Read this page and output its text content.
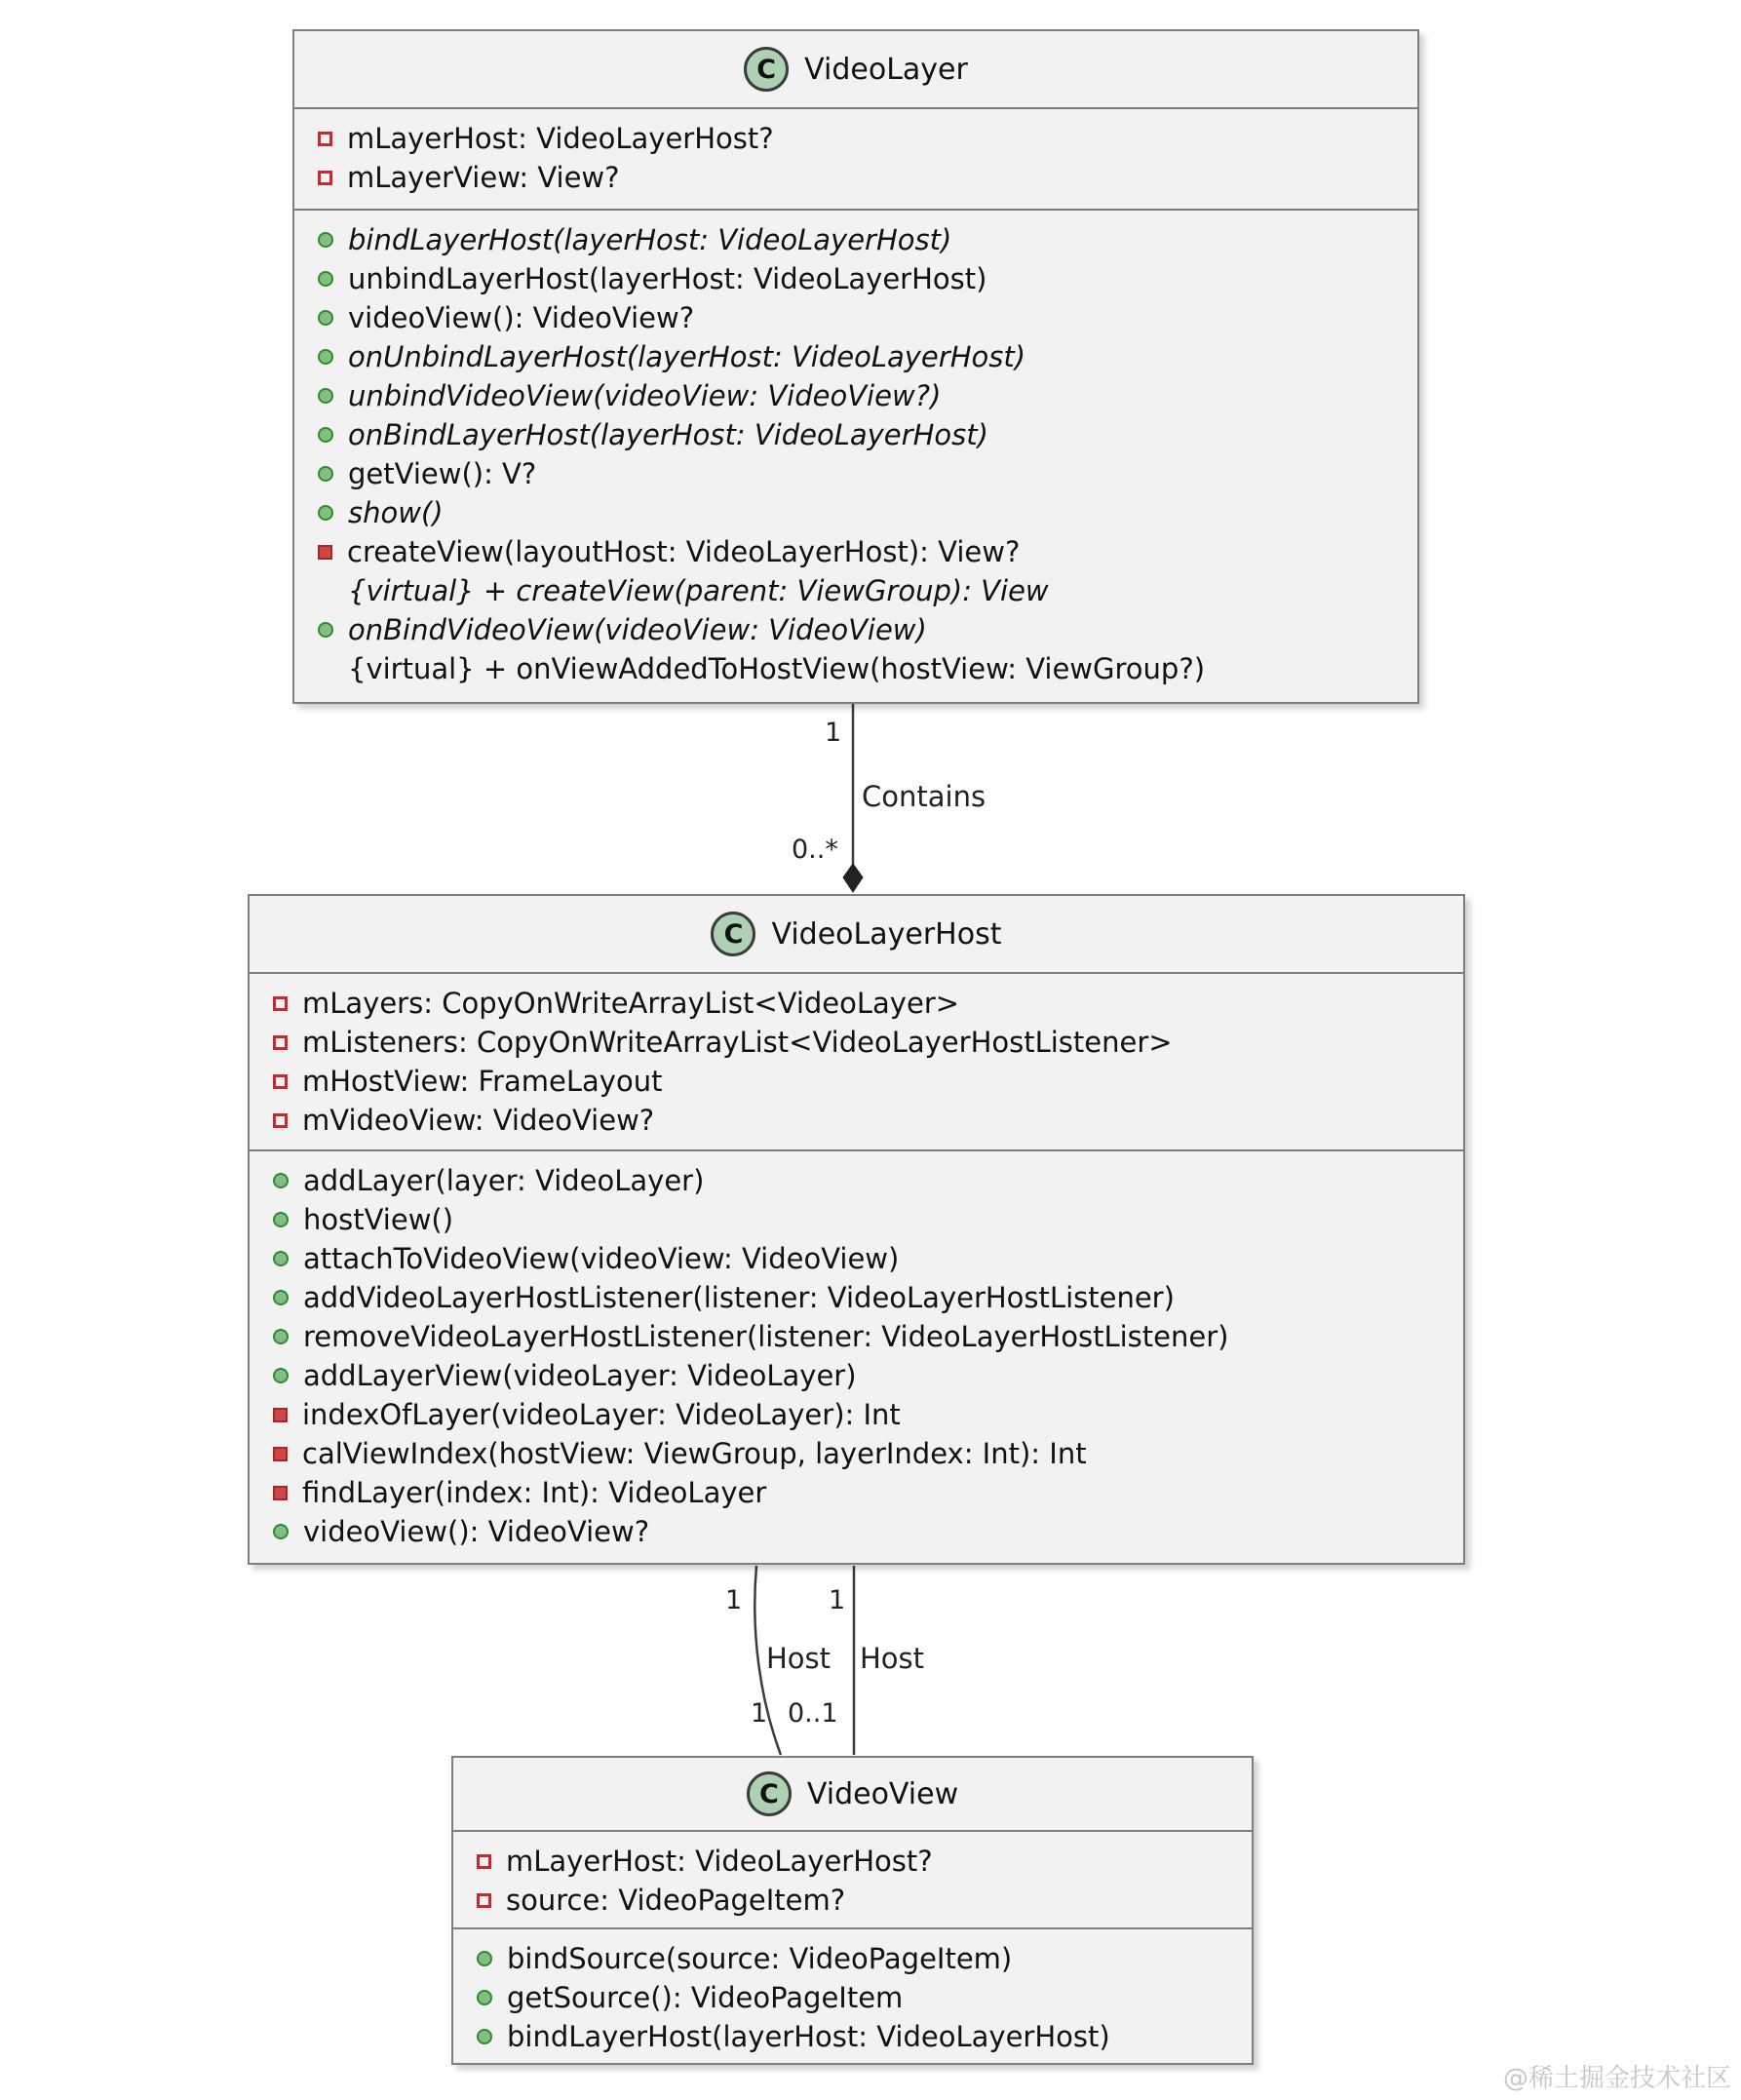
C VideoLayer
mLayerHost: VideoLayerHost?
mLayerView: View?
bindLayerHost(layerHost: VideoLayerHost)
unbindLayerHost(layerHost: VideoLayerHost)
videoView(): VideoView?
onUnbindLayerHost(layerHost: VideoLayerHost)
unbindVideoView(videoView: VideoView?)
onBindLayerHost(layerHost: VideoLayerHost)
getView(): V?
show()
createView(layoutHost: VideoLayerHost): View?
{virtual} + createView(parent: ViewGroup): View
onBindVideoView(videoView: VideoView)
{virtual} + onViewAddedToHostView(hostView: ViewGroup?)
1
Contains
0..*
C VideoLayerHost
mLayers: CopyOnWriteArrayList<VideoLayer>
mListeners: CopyOnWriteArrayList<VideoLayerHostListener>
mHostView: FrameLayout
mVideoView: VideoView?
addLayer(layer: VideoLayer)
hostView()
attachToVideoView(videoView: VideoView)
addVideoLayerHostListener(listener: VideoLayerHostListener)
removeVideoLayerHostListener(listener: VideoLayerHostListener)
addLayerView(videoLayer: VideoLayer)
indexOfLayer(videoLayer: VideoLayer): Int
calViewIndex(hostView: ViewGroup, layerIndex: Int): Int
findLayer(index: Int): VideoLayer
videoView(): VideoView?
1	1
Host Host
1 0..1
C VideoView
mLayerHost: VideoLayerHost?
source: VideoPageItem?
bindSource(source: VideoPageItem)
getSource(): VideoPageItem
bindLayerHost(layerHost: VideoLayerHost)
@稀土掘金技术社区
